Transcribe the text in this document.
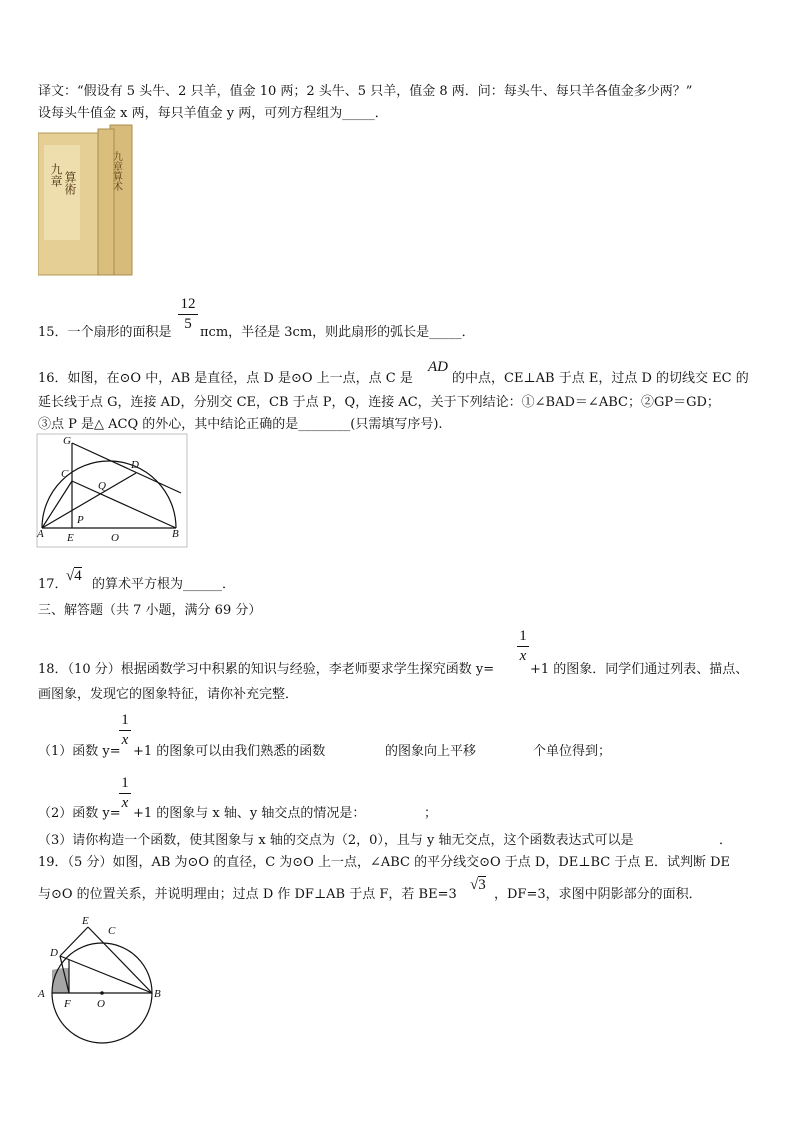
译文：“假设有 5 头牛、2 只羊，值金 10 两；2 头牛、5 只羊，值金 8 两．问：每头牛、每只羊各值金多少两？”
设每头牛值金 x 两，每只羊值金 y 两，可列方程组为_____．
九章算术
九章 算術
12
5
15．一个扇形的面积是 πcm，半径是 3cm，则此扇形的弧长是_____．
16．如图，在⊙O 中，AB 是直径，点 D 是⊙O 上一点，点 C 是
AD
的中点，CE⊥AB 于点 E，过点 D 的切线交 EC 的
延长线于点 G，连接 AD，分别交 CE，CB 于点 P，Q，连接 AC，关于下列结论：①∠BAD＝∠ABC；②GP＝GD；
③点 P 是△ ACQ 的外心，其中结论正确的是________(只需填写序号).
G
C
D
Q
P
A E	O	B
17．
√4
的算术平方根为______．
三、解答题（共 7 小题，满分 69 分）
1
x
18．（10 分）根据函数学习中积累的知识与经验，李老师要求学生探究函数 y=	+1 的图象．同学们通过列表、描点、
画图象，发现它的图象特征，请你补充完整．
1
x
（1）函数 y= +1 的图象可以由我们熟悉的函数	的图象向上平移	个单位得到；
1
x
（2）函数 y= +1 的图象与 x 轴、y 轴交点的情况是：	；
（3）请你构造一个函数，使其图象与 x 轴的交点为（2，0），且与 y 轴无交点，这个函数表达式可以是	．
19．（5 分）如图，AB 为⊙O 的直径，C 为⊙O 上一点，∠ABC 的平分线交⊙O 于点 D，DE⊥BC 于点 E．试判断 DE
与⊙O 的位置关系，并说明理由；过点 D 作 DF⊥AB 于点 F，若 BE=3
√3
，DF=3，求图中阴影部分的面积．
E
C
D
A
F O
B
